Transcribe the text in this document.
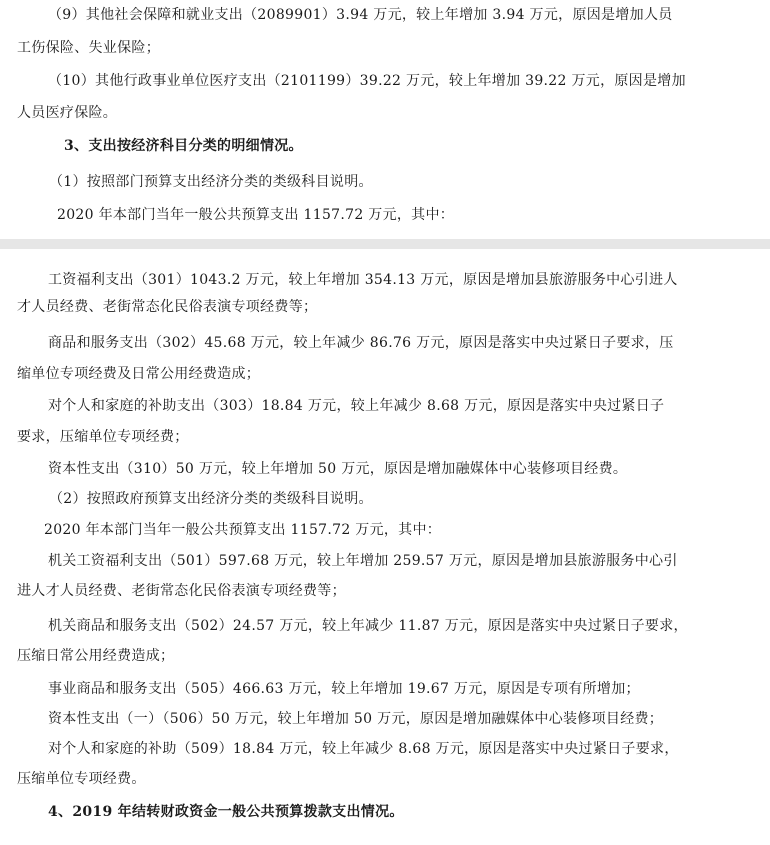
（9）其他社会保障和就业支出（2089901）3.94 万元，较上年增加 3.94 万元，原因是增加人员

工伤保险、失业保险；

（10）其他行政事业单位医疗支出（2101199）39.22 万元，较上年增加 39.22 万元，原因是增加

人员医疗保险。

3、支出按经济科目分类的明细情况。

（1）按照部门预算支出经济分类的类级科目说明。

2020 年本部门当年一般公共预算支出 1157.72 万元，其中：

工资福利支出（301）1043.2 万元，较上年增加 354.13 万元，原因是增加县旅游服务中心引进人

才人员经费、老街常态化民俗表演专项经费等；

商品和服务支出（302）45.68 万元，较上年减少 86.76 万元，原因是落实中央过紧日子要求，压

缩单位专项经费及日常公用经费造成；

对个人和家庭的补助支出（303）18.84 万元，较上年减少 8.68 万元，原因是落实中央过紧日子

要求，压缩单位专项经费；

资本性支出（310）50 万元，较上年增加 50 万元，原因是增加融媒体中心装修项目经费。

（2）按照政府预算支出经济分类的类级科目说明。

2020 年本部门当年一般公共预算支出 1157.72 万元，其中：

机关工资福利支出（501）597.68 万元，较上年增加 259.57 万元，原因是增加县旅游服务中心引

进人才人员经费、老街常态化民俗表演专项经费等；

机关商品和服务支出（502）24.57 万元，较上年减少 11.87 万元，原因是落实中央过紧日子要求，

压缩日常公用经费造成；

事业商品和服务支出（505）466.63 万元，较上年增加 19.67 万元，原因是专项有所增加；

资本性支出（一）（506）50 万元，较上年增加 50 万元，原因是增加融媒体中心装修项目经费；

对个人和家庭的补助（509）18.84 万元，较上年减少 8.68 万元，原因是落实中央过紧日子要求，

压缩单位专项经费。

4、2019 年结转财政资金一般公共预算拨款支出情况。
